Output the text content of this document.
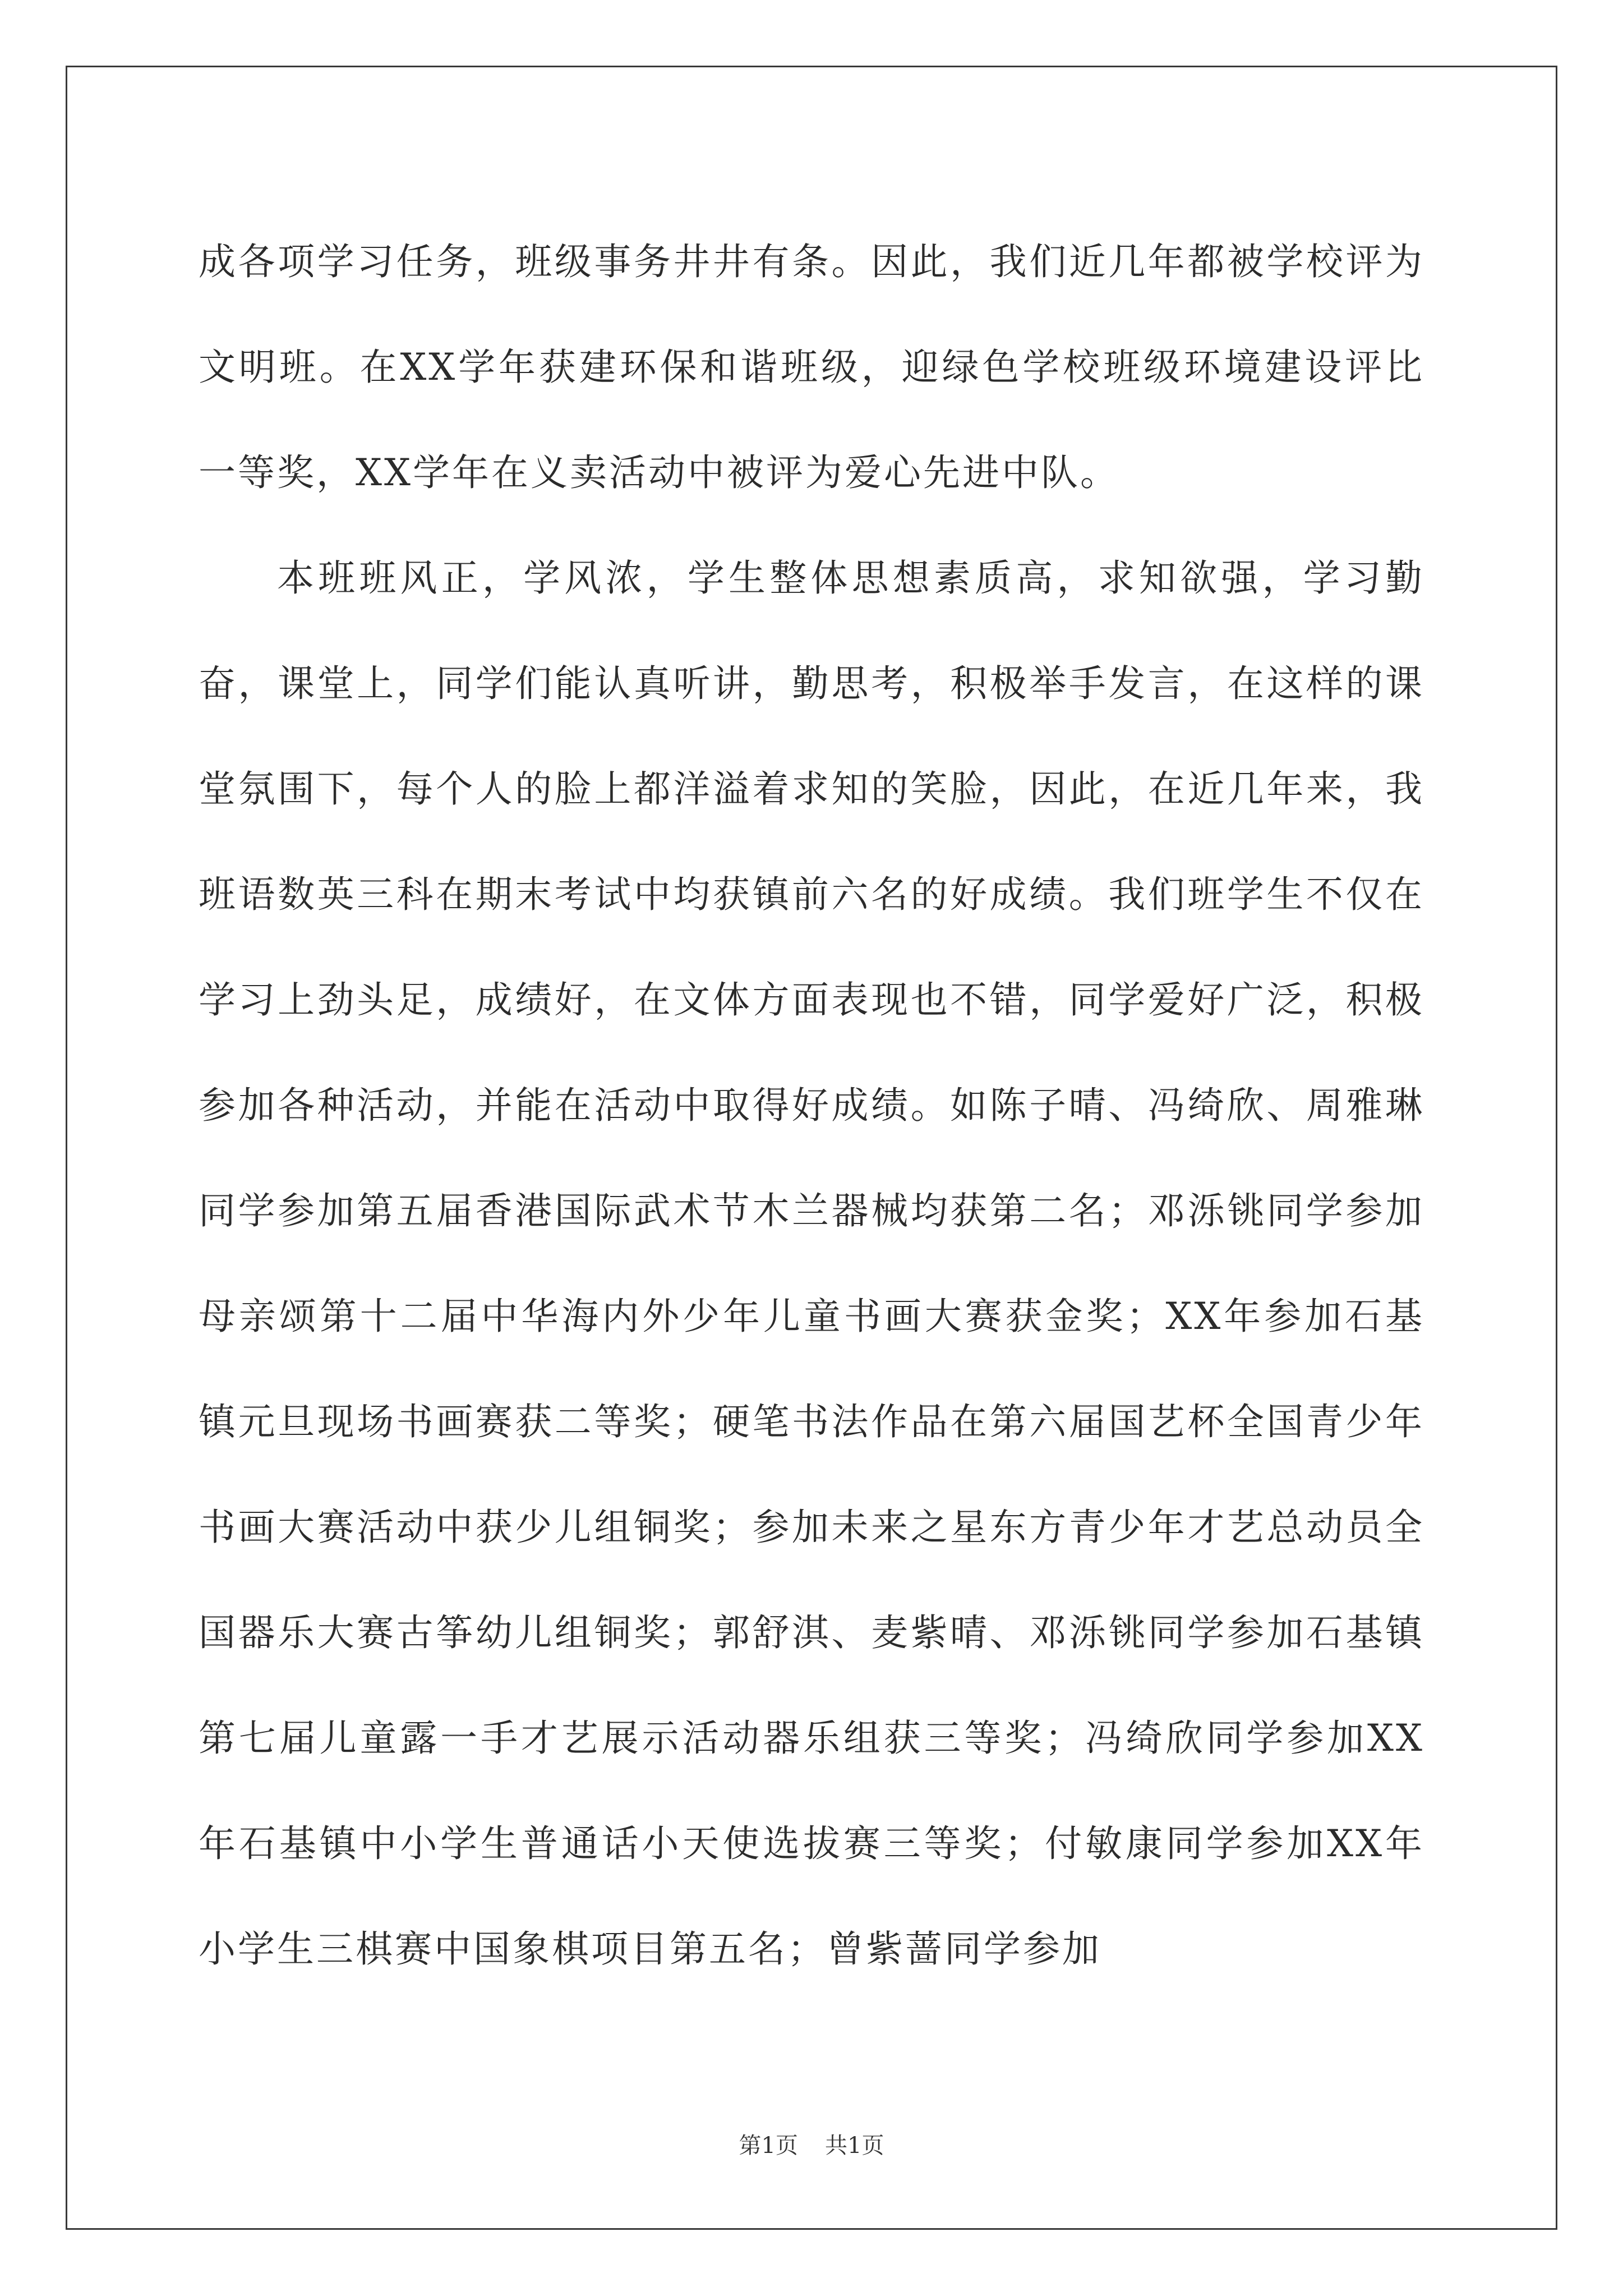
成各项学习任务，班级事务井井有条。因此，我们近几年都被学校评为文明班。在XX学年获建环保和谐班级，迎绿色学校班级环境建设评比一等奖，XX学年在义卖活动中被评为爱心先进中队。

本班班风正，学风浓，学生整体思想素质高，求知欲强，学习勤奋，课堂上，同学们能认真听讲，勤思考，积极举手发言，在这样的课堂氛围下，每个人的脸上都洋溢着求知的笑脸，因此，在近几年来，我班语数英三科在期末考试中均获镇前六名的好成绩。我们班学生不仅在学习上劲头足，成绩好，在文体方面表现也不错，同学爱好广泛，积极参加各种活动，并能在活动中取得好成绩。如陈子晴、冯绮欣、周雅琳同学参加第五届香港国际武术节木兰器械均获第二名；邓泺铫同学参加母亲颂第十二届中华海内外少年儿童书画大赛获金奖；XX年参加石基镇元旦现场书画赛获二等奖；硬笔书法作品在第六届国艺杯全国青少年书画大赛活动中获少儿组铜奖；参加未来之星东方青少年才艺总动员全国器乐大赛古筝幼儿组铜奖；郭舒淇、麦紫晴、邓泺铫同学参加石基镇第七届儿童露一手才艺展示活动器乐组获三等奖；冯绮欣同学参加XX年石基镇中小学生普通话小天使选拔赛三等奖；付敏康同学参加XX年小学生三棋赛中国象棋项目第五名；曾紫蔷同学参加

第1页 共1页
